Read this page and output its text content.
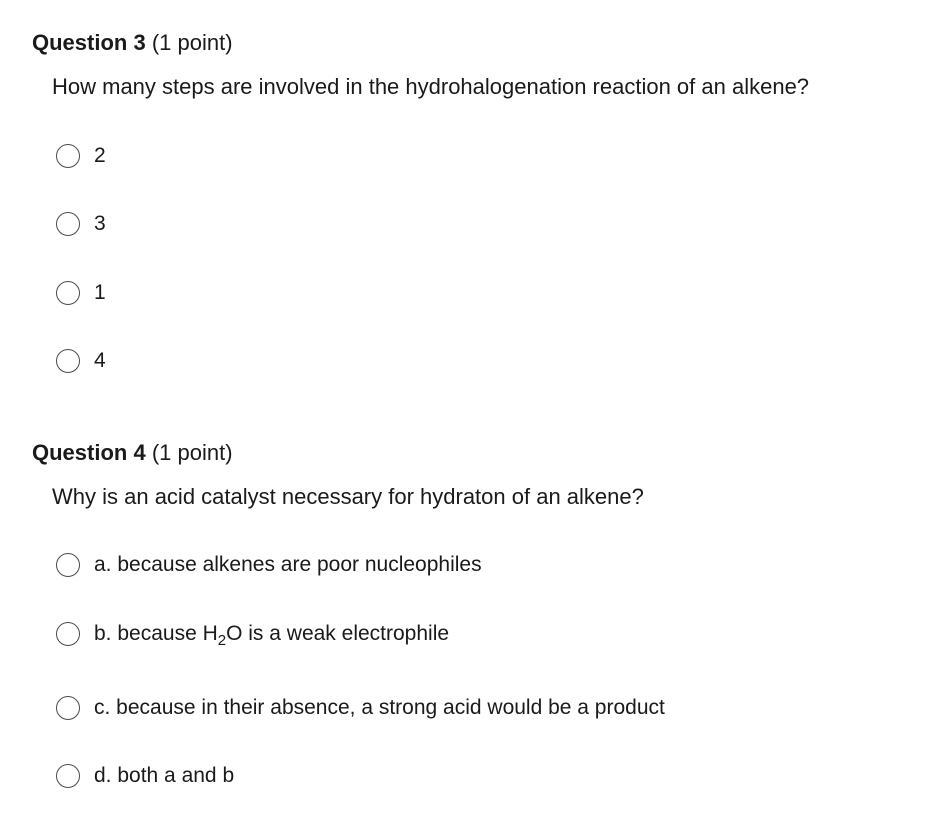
Question 3 (1 point)
How many steps are involved in the hydrohalogenation reaction of an alkene?
2
3
1
4
Question 4 (1 point)
Why is an acid catalyst necessary for hydraton of an alkene?
a. because alkenes are poor nucleophiles
b. because $H_2O$ is a weak electrophile
c. because in their absence, a strong acid would be a product
d. both a and b
